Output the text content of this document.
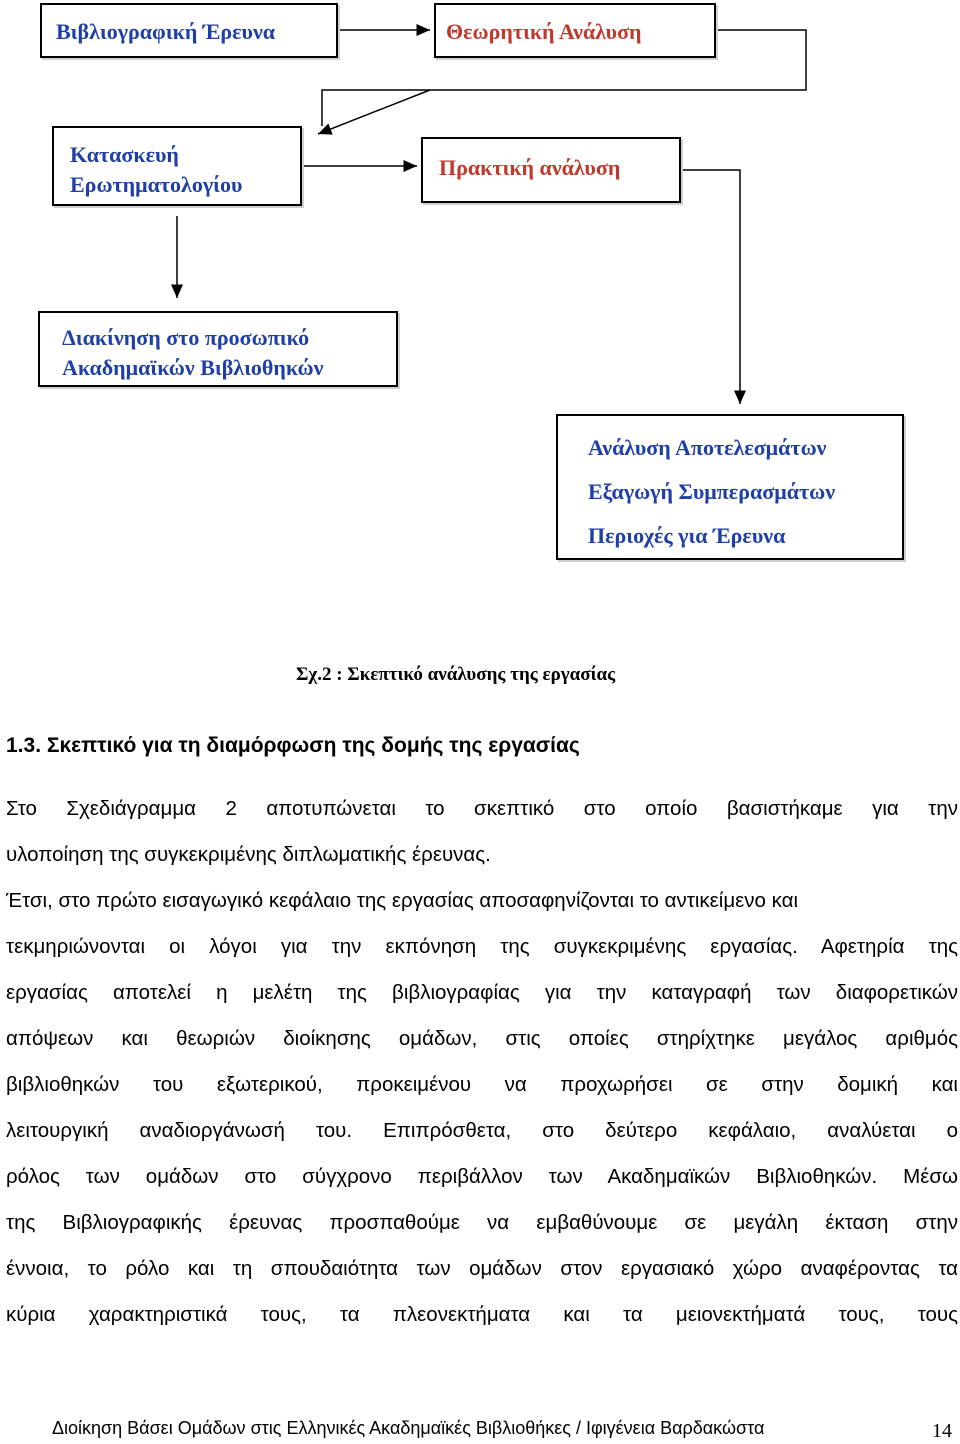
Βιβλιογραφική Έρευνα	Θεωρητική Ανάλυση
Κατασκευή
Ερωτηματολογίου
Πρακτική ανάλυση
Διακίνηση στο προσωπικό
Ακαδημαϊκών Βιβλιοθηκών
Ανάλυση Αποτελεσμάτων
Εξαγωγή Συμπερασμάτων
Περιοχές για Έρευνα
Σχ.2 : Σκεπτικό ανάλυσης της εργασίας
1.3. Σκεπτικό για τη διαμόρφωση της δομής της εργασίας
Στο Σχεδιάγραμμα 2 αποτυπώνεται το σκεπτικό στο οποίο βασιστήκαμε για την
υλοποίηση της συγκεκριμένης διπλωματικής έρευνας.
Έτσι, στο πρώτο εισαγωγικό κεφάλαιο της εργασίας αποσαφηνίζονται το αντικείμενο και
τεκμηριώνονται οι λόγοι για την εκπόνηση της συγκεκριμένης εργασίας. Αφετηρία της
εργασίας αποτελεί η μελέτη της βιβλιογραφίας για την καταγραφή των διαφορετικών
απόψεων και θεωριών διοίκησης ομάδων, στις οποίες στηρίχτηκε μεγάλος αριθμός
βιβλιοθηκών του εξωτερικού, προκειμένου να προχωρήσει σε στην δομική και
λειτουργική αναδιοργάνωσή του. Επιπρόσθετα, στο δεύτερο κεφάλαιο, αναλύεται ο
ρόλος των ομάδων στο σύγχρονο περιβάλλον των Ακαδημαϊκών Βιβλιοθηκών. Μέσω
της Βιβλιογραφικής έρευνας προσπαθούμε να εμβαθύνουμε σε μεγάλη έκταση στην
έννοια, το ρόλο και τη σπουδαιότητα των ομάδων στον εργασιακό χώρο αναφέροντας τα
κύρια χαρακτηριστικά τους, τα πλεονεκτήματα και τα μειονεκτήματά τους, τους
Διοίκηση Βάσει Ομάδων στις Ελληνικές Ακαδημαϊκές Βιβλιοθήκες / Ιφιγένεια Βαρδακώστα	14
